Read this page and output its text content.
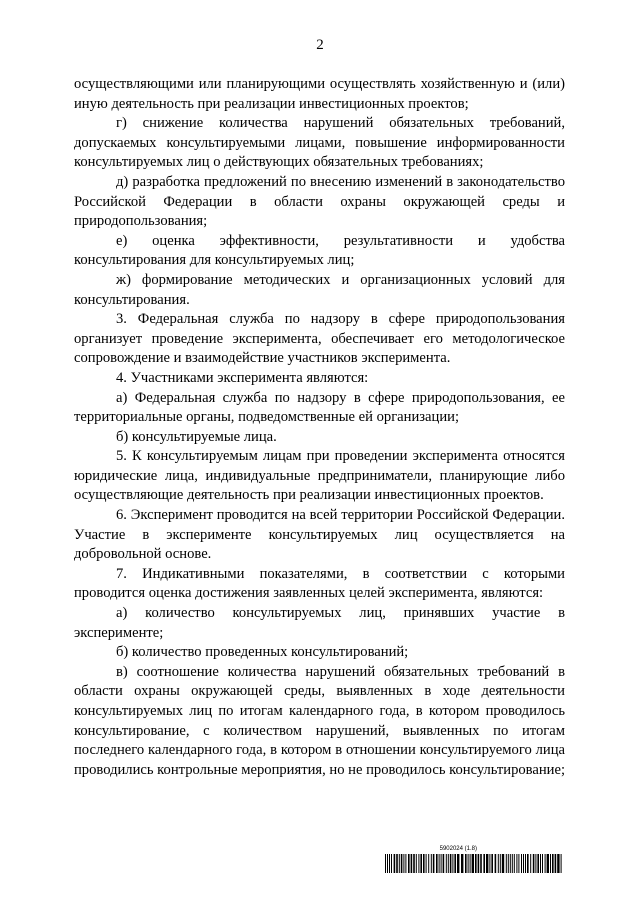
2

осуществляющими или планирующими осуществлять хозяйственную и (или) иную деятельность при реализации инвестиционных проектов;

г) снижение количества нарушений обязательных требований, допускаемых консультируемыми лицами, повышение информированности консультируемых лиц о действующих обязательных требованиях;

д) разработка предложений по внесению изменений в законодательство Российской Федерации в области охраны окружающей среды и природопользования;

е) оценка эффективности, результативности и удобства консультирования для консультируемых лиц;

ж) формирование методических и организационных условий для консультирования.

3. Федеральная служба по надзору в сфере природопользования организует проведение эксперимента, обеспечивает его методологическое сопровождение и взаимодействие участников эксперимента.

4. Участниками эксперимента являются:

а) Федеральная служба по надзору в сфере природопользования, ее территориальные органы, подведомственные ей организации;

б) консультируемые лица.

5. К консультируемым лицам при проведении эксперимента относятся юридические лица, индивидуальные предприниматели, планирующие либо осуществляющие деятельность при реализации инвестиционных проектов.

6. Эксперимент проводится на всей территории Российской Федерации. Участие в эксперименте консультируемых лиц осуществляется на добровольной основе.

7. Индикативными показателями, в соответствии с которыми проводится оценка достижения заявленных целей эксперимента, являются:

а) количество консультируемых лиц, принявших участие в эксперименте;

б) количество проведенных консультирований;

в) соотношение количества нарушений обязательных требований в области охраны окружающей среды, выявленных в ходе деятельности консультируемых лиц по итогам календарного года, в котором проводилось консультирование, с количеством нарушений, выявленных по итогам последнего календарного года, в котором в отношении консультируемого лица проводились контрольные мероприятия, но не проводилось консультирование;

5902024 (1.8)
